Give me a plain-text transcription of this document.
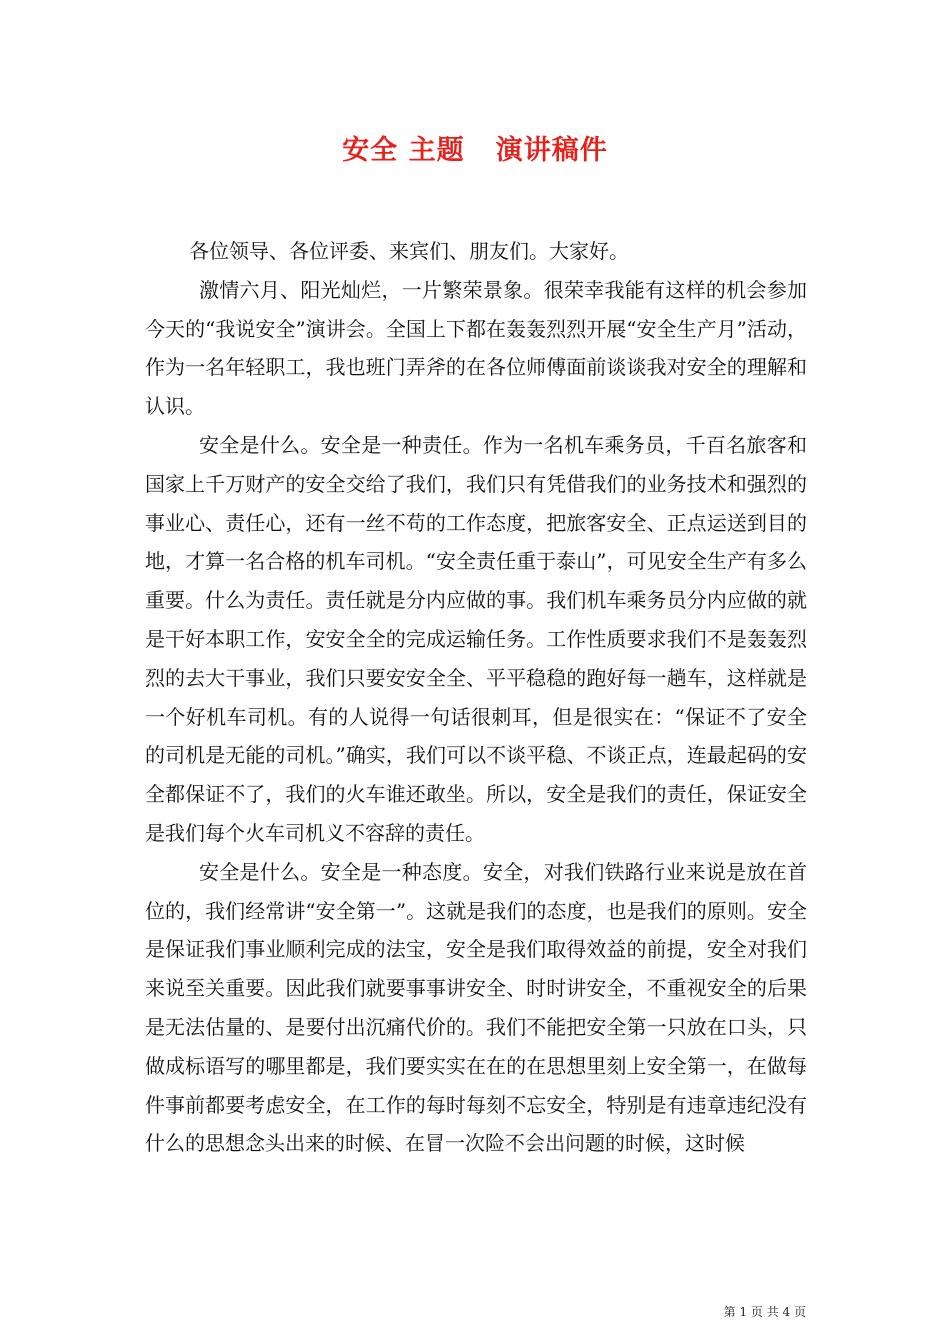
安全 主题   演讲稿件

各位领导、各位评委、来宾们、朋友们。大家好。

激情六月、阳光灿烂，一片繁荣景象。很荣幸我能有这样的机会参加今天的“我说安全”演讲会。全国上下都在轰轰烈烈开展“安全生产月”活动，作为一名年轻职工，我也班门弄斧的在各位师傅面前谈谈我对安全的理解和认识。

安全是什么。安全是一种责任。作为一名机车乘务员，千百名旅客和国家上千万财产的安全交给了我们，我们只有凭借我们的业务技术和强烈的事业心、责任心，还有一丝不苟的工作态度，把旅客安全、正点运送到目的地，才算一名合格的机车司机。“安全责任重于泰山”，可见安全生产有多么重要。什么为责任。责任就是分内应做的事。我们机车乘务员分内应做的就是干好本职工作，安安全全的完成运输任务。工作性质要求我们不是轰轰烈烈的去大干事业，我们只要安安全全、平平稳稳的跑好每一趟车，这样就是一个好机车司机。有的人说得一句话很刺耳，但是很实在：“保证不了安全的司机是无能的司机。”确实，我们可以不谈平稳、不谈正点，连最起码的安全都保证不了，我们的火车谁还敢坐。所以，安全是我们的责任，保证安全是我们每个火车司机义不容辞的责任。

安全是什么。安全是一种态度。安全，对我们铁路行业来说是放在首位的，我们经常讲“安全第一”。这就是我们的态度，也是我们的原则。安全是保证我们事业顺利完成的法宝，安全是我们取得效益的前提，安全对我们来说至关重要。因此我们就要事事讲安全、时时讲安全，不重视安全的后果是无法估量的、是要付出沉痛代价的。我们不能把安全第一只放在口头，只做成标语写的哪里都是，我们要实实在在的在思想里刻上安全第一，在做每件事前都要考虑安全，在工作的每时每刻不忘安全，特别是有违章违纪没有什么的思想念头出来的时候、在冒一次险不会出问题的时候，这时候

第 1 页 共 4 页
